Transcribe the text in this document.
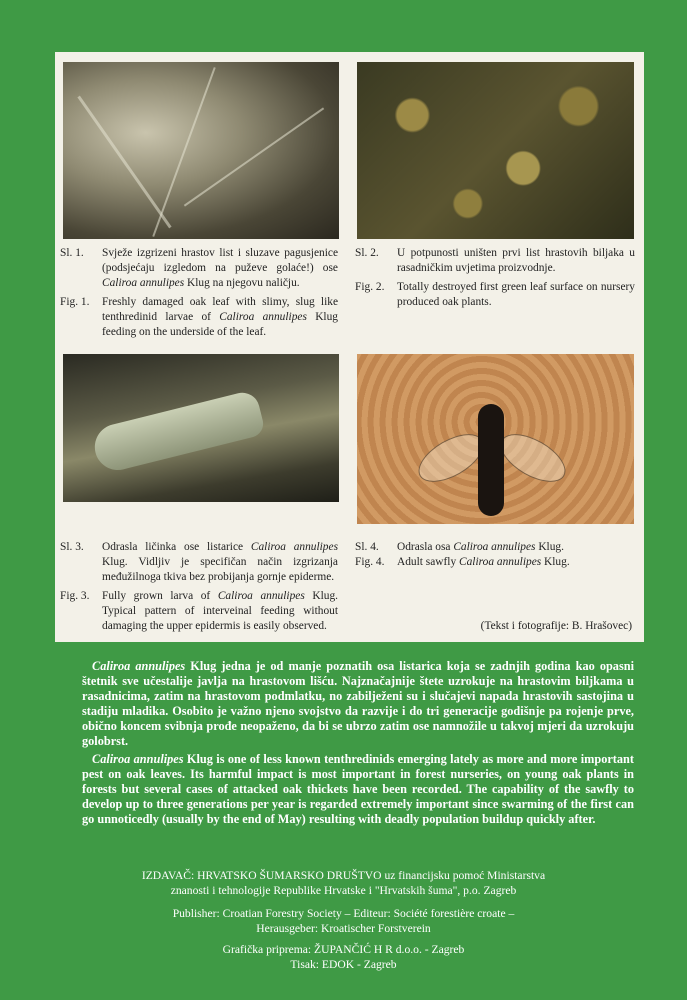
Sl. 1.	Svježe izgrizeni hrastov list i sluzave pagusjenice (podsjećaju izgledom na puževe golaće!) ose Caliroa annulipes Klug na njegovu naličju.
Fig. 1.	Freshly damaged oak leaf with slimy, slug like tenthredinid larvae of Caliroa annulipes Klug feeding on the underside of the leaf.
Sl. 2.	U potpunosti uništen prvi list hrastovih biljaka u rasadničkim uvjetima proizvodnje.
Fig. 2.	Totally destroyed first green leaf surface on nursery produced oak plants.
Sl. 3.	Odrasla ličinka ose listarice Caliroa annulipes Klug. Vidljiv je specifičan način izgrizanja međužilnoga tkiva bez probijanja gornje epiderme.
Fig. 3.	Fully grown larva of Caliroa annulipes Klug. Typical pattern of interveinal feeding without damaging the upper epidermis is easily observed.
Sl. 4.	Odrasla osa Caliroa annulipes Klug.
Fig. 4.	Adult sawfly Caliroa annulipes Klug.
(Tekst i fotografije: B. Hrašovec)
Caliroa annulipes Klug jedna je od manje poznatih osa listarica koja se zadnjih godina kao opasni štetnik sve učestalije javlja na hrastovom lišću. Najznačajnije štete uzrokuje na hrastovim biljkama u rasadnicima, zatim na hrastovom podmlatku, no zabilježeni su i slučajevi napada hrastovih sastojina u stadiju mladika. Osobito je važno njeno svojstvo da razvije i do tri generacije godišnje pa rojenje prve, obično koncem svibnja prođe neopaženo, da bi se ubrzo zatim ose namnožile u takvoj mjeri da uzrokuju golobrst.
Caliroa annulipes Klug is one of less known tenthredinids emerging lately as more and more important pest on oak leaves. Its harmful impact is most important in forest nurseries, on young oak plants in forests but several cases of attacked oak thickets have been recorded. The capability of the sawfly to develop up to three generations per year is regarded extremely important since swarming of the first can go unnoticedly (usually by the end of May) resulting with deadly population buildup quickly after.
IZDAVAČ: HRVATSKO ŠUMARSKO DRUŠTVO uz financijsku pomoć Ministarstva
znanosti i tehnologije Republike Hrvatske i "Hrvatskih šuma", p.o. Zagreb
Publisher: Croatian Forestry Society – Editeur: Société forestière croate –
Herausgeber: Kroatischer Forstverein
Grafička priprema: ŽUPANČIĆ H R d.o.o. - Zagreb
Tisak: EDOK - Zagreb
